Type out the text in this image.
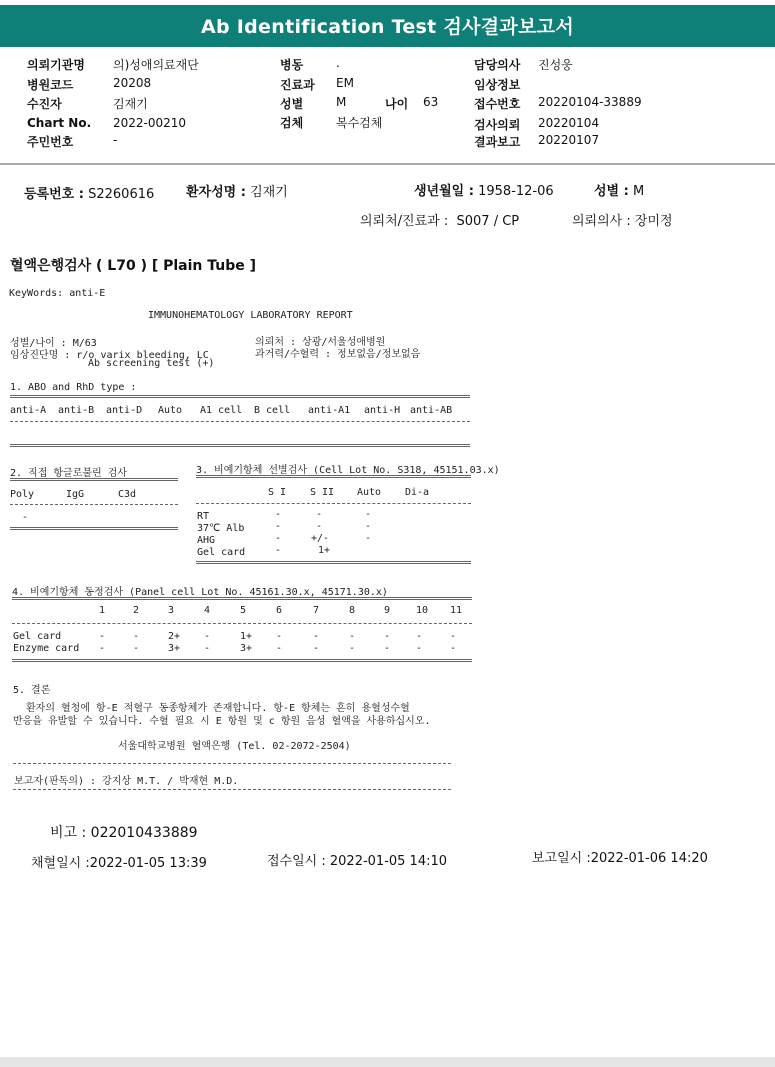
Ab Identification Test 검사결과보고서
의뢰기관명 의)성애의료재단
병원코드	20208
수진자	김재기
Chart No. 2022-00210
주민번호	-
병동	.
진료과 EM
성별	M	나이 63
검체	복수검체
담당의사 진성웅
임상정보
접수번호 20220104-33889
검사의뢰 20220104
결과보고 20220107
등록번호 : S2260616 환자성명 : 김재기	생년월일 : 1958-12-06	성별 : M
의뢰처/진료과 : S007 / CP	의뢰의사 : 장미정
혈액은행검사 ( L70 ) [ Plain Tube ]
KeyWords: anti-E
IMMUNOHEMATOLOGY LABORATORY REPORT
성별/나이 : M/63
임상진단명 : r/o varix bleeding, LC
Ab screening test (+)
의뢰처 : 상광/서울성애병원
과거력/수혈력 : 정보없음/정보없음
1. ABO and RhD type :
anti-A anti-B anti-D Auto A1 cell B cell anti-A1 anti-H anti-AB
2. 직접 항글로불린 검사
Poly	IgG	C3d
-
3. 비예기항체 선별검사 (Cell Lot No. S318, 45151.03.x)
S I S II Auto Di-a
RT	-	-	-
37℃ Alb	-	-	-
AHG	-	+/-	-
Gel card	-	1+
4. 비예기항체 동정검사 (Panel cell Lot No. 45161.30.x, 45171.30.x)
1	2	3	4	5	6	7	8	9	10 11
Gel card	-	-	2+ -	1+ -	-	-	-	-	-
Enzyme card -	-	3+ -	3+ -	-	-	-	-	-
5. 결론
환자의 혈청에 항-E 적혈구 동종항체가 존재합니다. 항-E 항체는 흔히 용혈성수혈
반응을 유발할 수 있습니다. 수혈 필요 시 E 항원 및 c 항원 음성 혈액을 사용하십시오.
서울대학교병원 혈액은행 (Tel. 02-2072-2504)
보고자(판독의) : 강지상 M.T. / 박재현 M.D.
비고 : 022010433889
채혈일시 :2022-01-05 13:39	접수일시 : 2022-01-05 14:10	보고일시 :2022-01-06 14:20
